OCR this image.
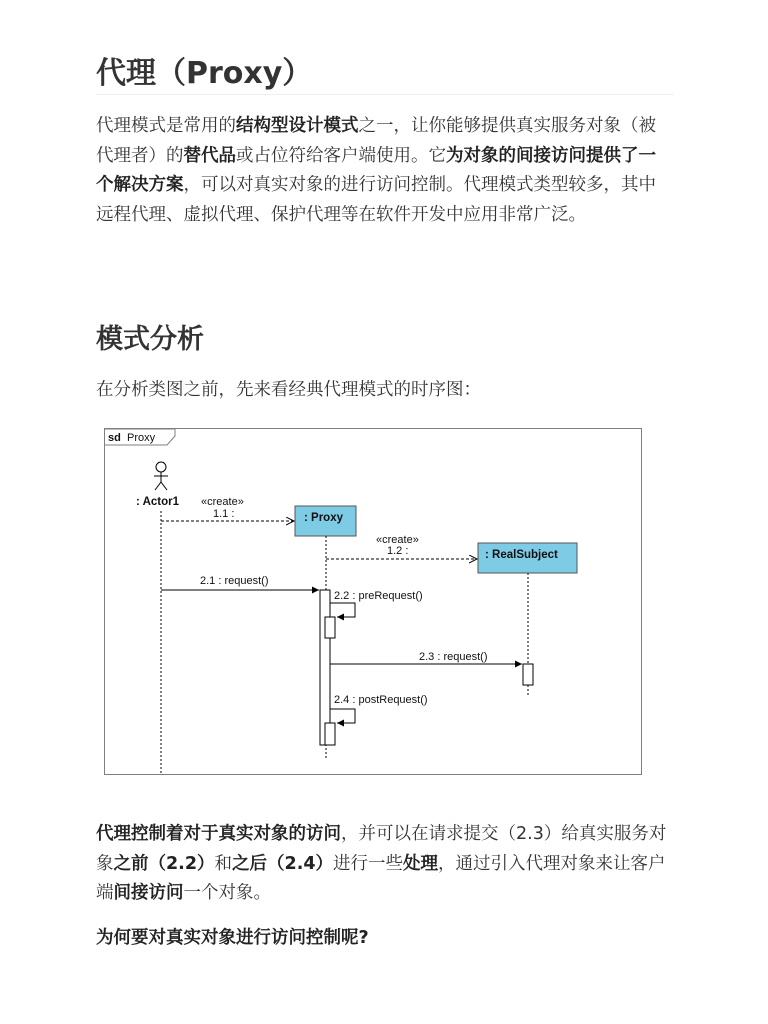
代理（Proxy）

代理模式是常用的结构型设计模式之一，让你能够提供真实服务对象（被代理者）的替代品或占位符给客户端使用。它为对象的间接访问提供了一个解决方案，可以对真实对象的进行访问控制。代理模式类型较多，其中远程代理、虚拟代理、保护代理等在软件开发中应用非常广泛。

模式分析

在分析类图之前，先来看经典代理模式的时序图：

sd Proxy
: Actor1
: Proxy
: RealSubject
«create»
1.1 :
«create»
1.2 :
2.1 : request()
2.2 : preRequest()
2.3 : request()
2.4 : postRequest()

代理控制着对于真实对象的访问，并可以在请求提交（2.3）给真实服务对象之前（2.2）和之后（2.4）进行一些处理，通过引入代理对象来让客户端间接访问一个对象。

为何要对真实对象进行访问控制呢?
